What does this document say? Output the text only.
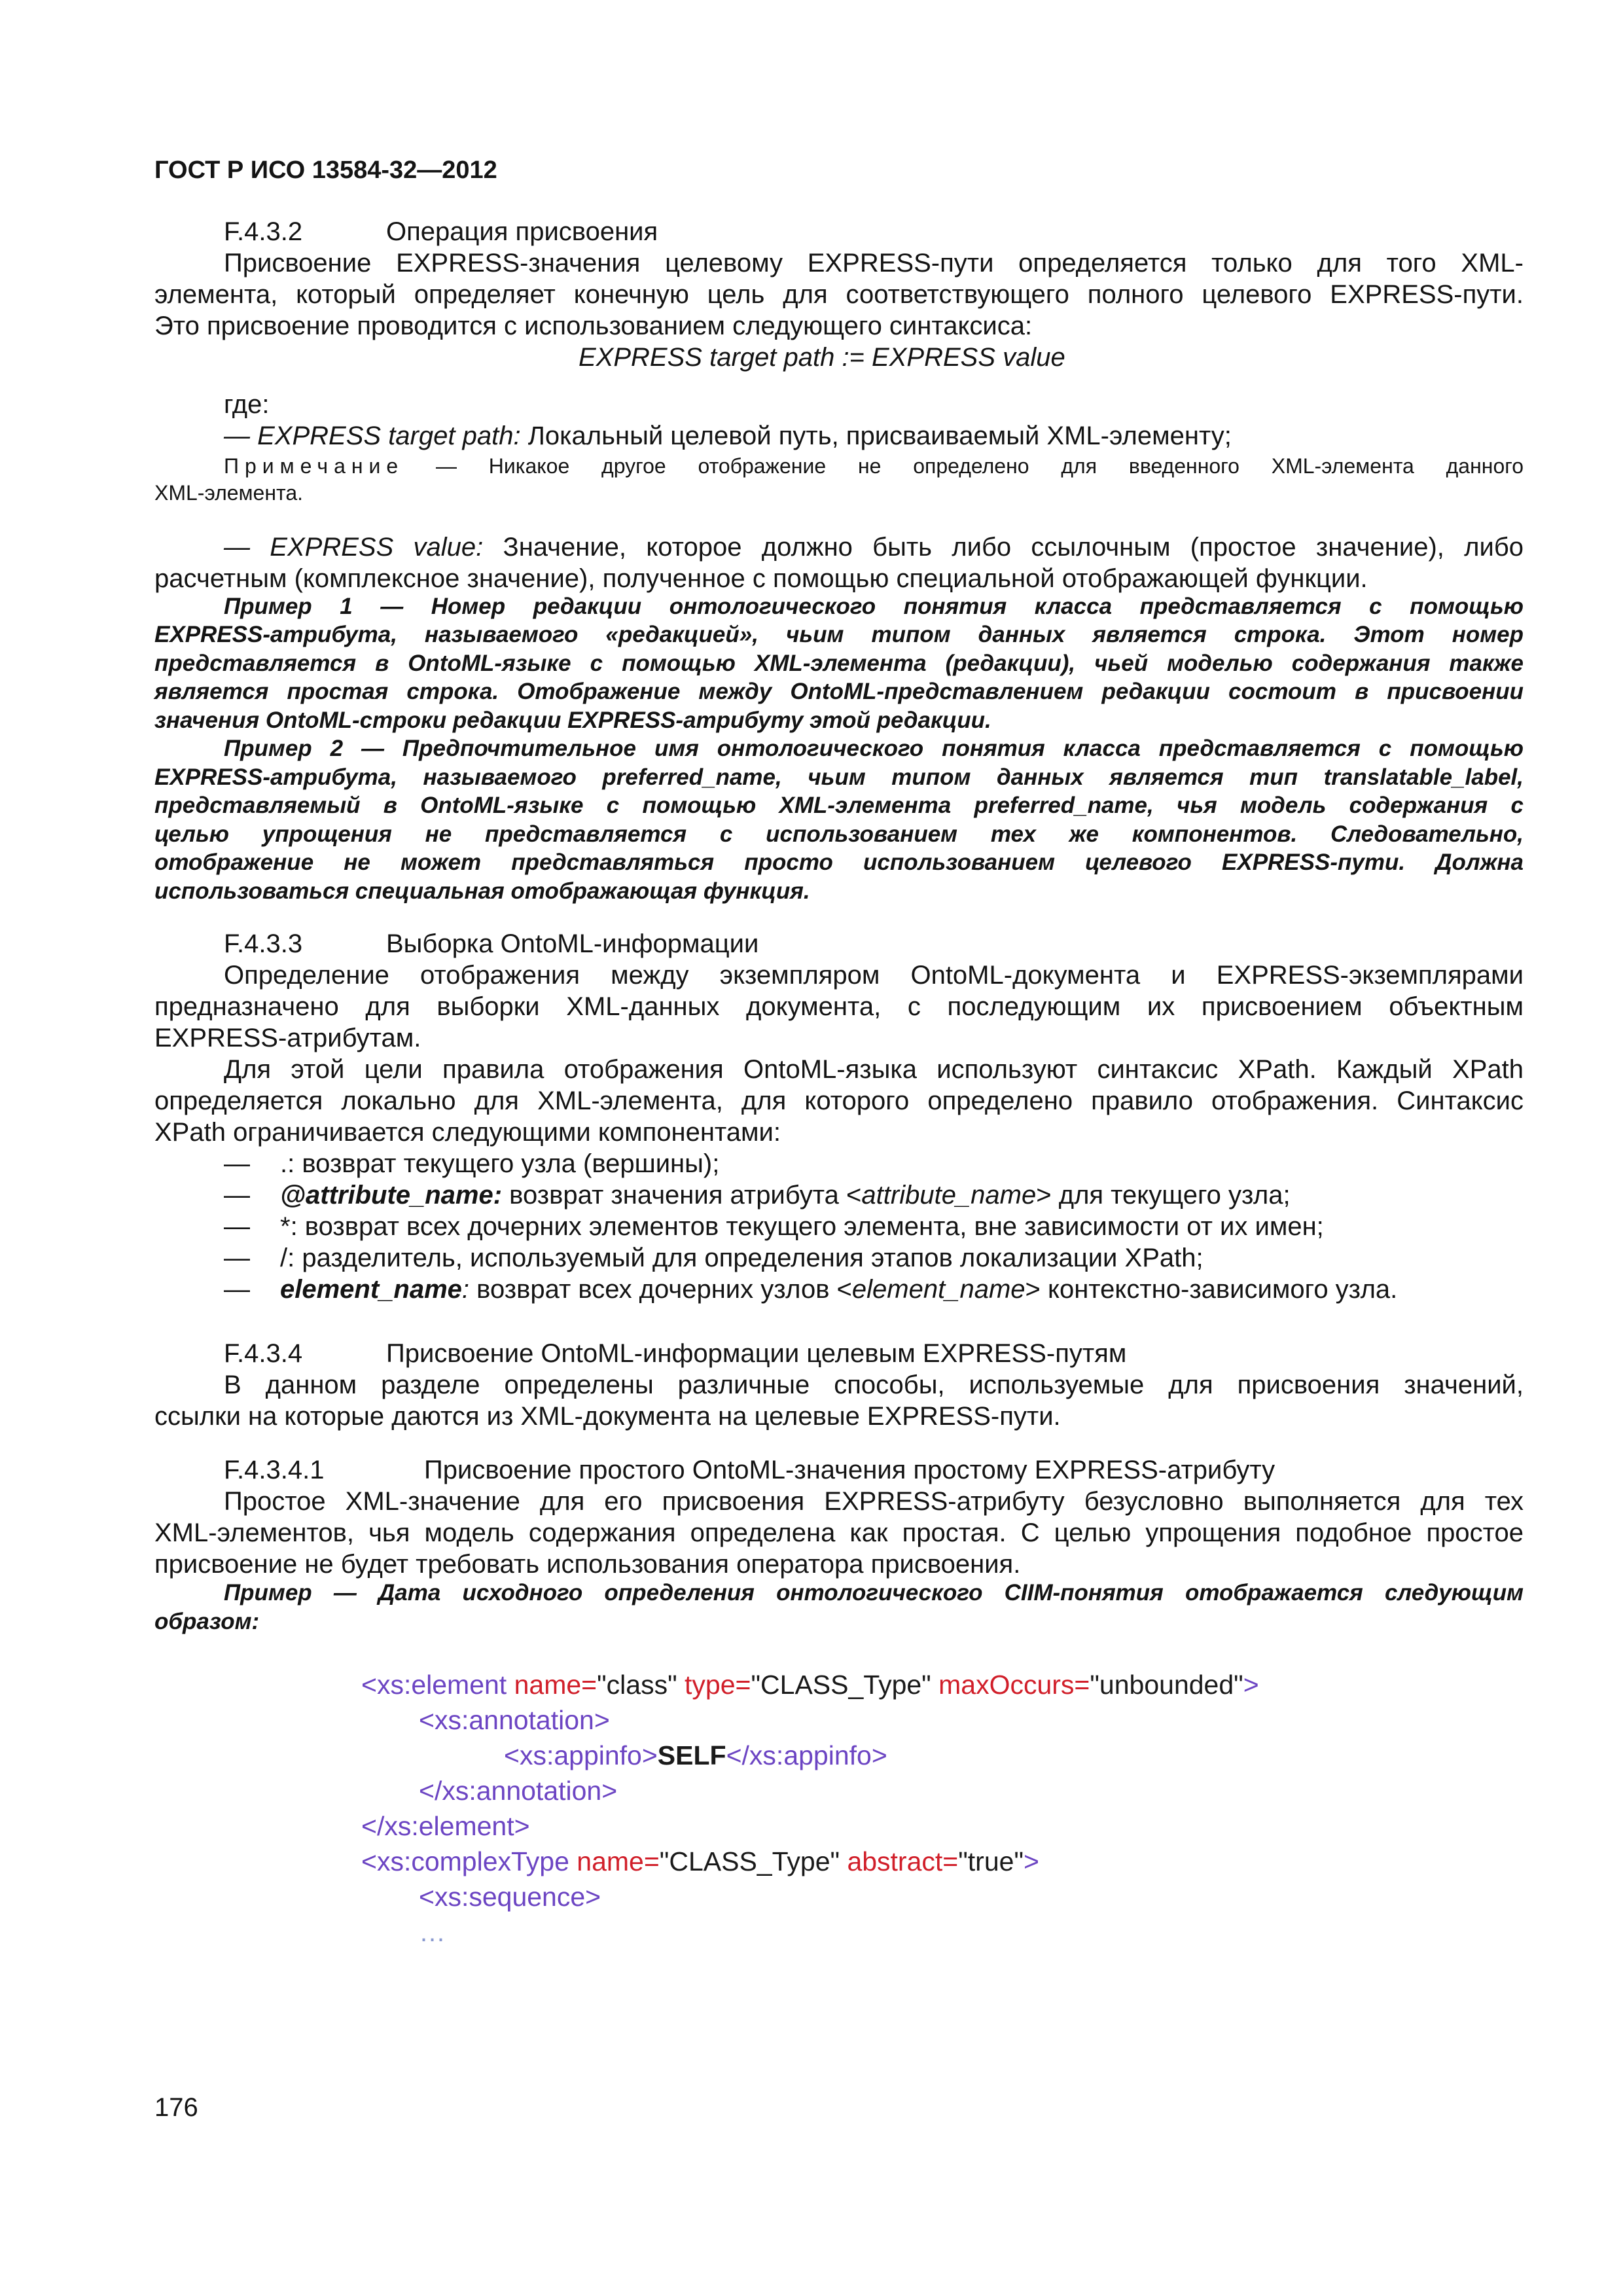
ГОСТ Р ИСО 13584-32—2012
F.4.3.2	Операция присвоения
Присвоение EXPRESS-значения целевому EXPRESS-пути определяется только для того XML-
элемента, который определяет конечную цель для соответствующего полного целевого EXPRESS-пути.
Это присвоение проводится с использованием следующего синтаксиса:
EXPRESS target path := EXPRESS value
где:
— EXPRESS target path: Локальный целевой путь, присваиваемый XML-элементу;
Примечание — Никакое другое отображение не определено для введенного XML-элемента данного
XML-элемента.
— EXPRESS value: Значение, которое должно быть либо ссылочным (простое значение), либо
расчетным (комплексное значение), полученное с помощью специальной отображающей функции.
Пример 1 — Номер редакции онтологического понятия класса представляется с помощью
EXPRESS-атрибута, называемого «редакцией», чьим типом данных является строка. Этот номер
представляется в OntoML-языке с помощью XML-элемента (редакции), чьей моделью содержания также
является простая строка. Отображение между OntoML-представлением редакции состоит в присвоении
значения OntoML-строки редакции EXPRESS-атрибуту этой редакции.
Пример 2 — Предпочтительное имя онтологического понятия класса представляется с помощью
EXPRESS-атрибута, называемого preferred_name, чьим типом данных является тип translatable_label,
представляемый в OntoML-языке с помощью XML-элемента preferred_name, чья модель содержания с
целью упрощения не представляется с использованием тех же компонентов. Следовательно,
отображение не может представляться просто использованием целевого EXPRESS-пути. Должна
использоваться специальная отображающая функция.
F.4.3.3	Выборка OntoML-информации
Определение отображения между экземпляром OntoML-документа и EXPRESS-экземплярами
предназначено для выборки XML-данных документа, с последующим их присвоением объектным
EXPRESS-атрибутам.
Для этой цели правила отображения OntoML-языка используют синтаксис XPath. Каждый XPath
определяется локально для XML-элемента, для которого определено правило отображения. Синтаксис
XPath ограничивается следующими компонентами:
— .: возврат текущего узла (вершины);
— @attribute_name: возврат значения атрибута <attribute_name> для текущего узла;
— *: возврат всех дочерних элементов текущего элемента, вне зависимости от их имен;
— /: разделитель, используемый для определения этапов локализации XPath;
— element_name: возврат всех дочерних узлов <element_name> контекстно-зависимого узла.
F.4.3.4	Присвоение OntoML-информации целевым EXPRESS-путям
В данном разделе определены различные способы, используемые для присвоения значений,
ссылки на которые даются из XML-документа на целевые EXPRESS-пути.
F.4.3.4.1	Присвоение простого OntoML-значения простому EXPRESS-атрибуту
Простое XML-значение для его присвоения EXPRESS-атрибуту безусловно выполняется для тех
XML-элементов, чья модель содержания определена как простая. С целью упрощения подобное простое
присвоение не будет требовать использования оператора присвоения.
Пример — Дата исходного определения онтологического CIIM-понятия отображается следующим
образом:
<xs:element name="class" type="CLASS_Type" maxOccurs="unbounded">
<xs:annotation>
<xs:appinfo>SELF</xs:appinfo>
</xs:annotation>
</xs:element>
<xs:complexType name="CLASS_Type" abstract="true">
<xs:sequence>
…
176
